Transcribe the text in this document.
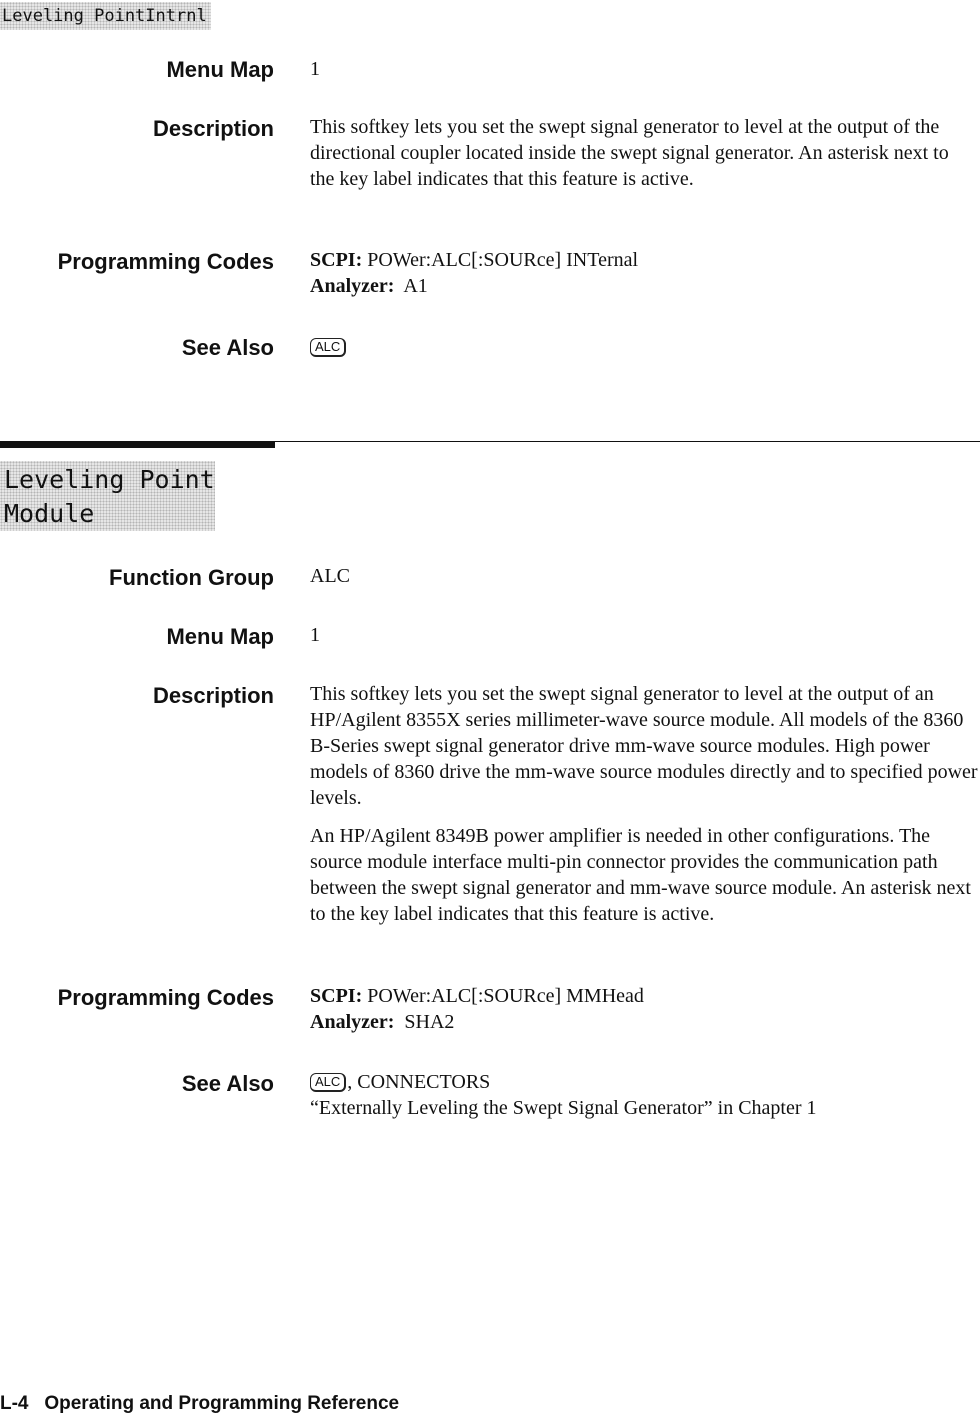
Leveling PointIntrnl
Menu Map 1
Description This softkey lets you set the swept signal generator to level at the output of the directional coupler located inside the swept signal generator. An asterisk next to the key label indicates that this feature is active.

Programming Codes SCPI: POWer:ALC[:SOURce] INTernal
Analyzer: A1
See Also	ALC
Leveling Point
Module
Function Group ALC
Menu Map 1
Description This softkey lets you set the swept signal generator to level at the output of an HP/Agilent 8355X series millimeter-wave source module. All models of the 8360 B-Series swept signal generator drive mm-wave source modules. High power models of 8360 drive the mm-wave source modules directly and to specified power levels.

An HP/Agilent 8349B power amplifier is needed in other configurations. The source module interface multi-pin connector provides the communication path between the swept signal generator and mm-wave source module. An asterisk next to the key label indicates that this feature is active.

Programming Codes SCPI: POWer:ALC[:SOURce] MMHead
Analyzer: SHA2
See Also	ALC , CONNECTORS
“Externally Leveling the Swept Signal Generator” in Chapter 1
L-4 Operating and Programming Reference
